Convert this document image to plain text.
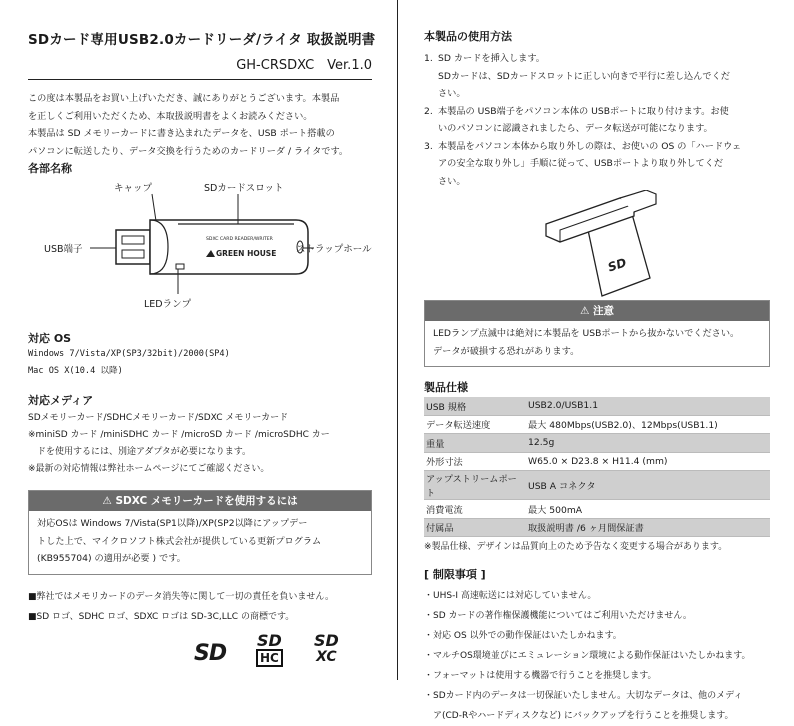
SDカード専用USB2.0カードリーダ/ライタ 取扱説明書
GH-CRSDXC　Ver.1.0

この度は本製品をお買い上げいただき、誠にありがとうございます。本製品

を正しくご利用いただくため、本取扱説明書をよくお読みください。

本製品は SD メモリーカードに書き込まれたデータを、USB ポート搭載の

パソコンに転送したり、データ交換を行うためのカードリーダ / ライタです。

各部名称
SDXC CARD READER/WRITER
GREEN HOUSE
キャップ	SDカードスロット
USB端子	ストラップホール
LEDランプ
対応 OS

Windows 7/Vista/XP(SP3/32bit)/2000(SP4)

Mac OS X(10.4 以降)

対応メディア

SDメモリーカード/SDHCメモリーカード/SDXC メモリーカード

※miniSD カード /miniSDHC カード /microSD カード /microSDHC カー

　ドを使用するには、別途アダプタが必要になります。

※最新の対応情報は弊社ホームページにてご確認ください。

⚠ SDXC メモリーカードを使用するには

対応OSは Windows 7/Vista(SP1以降)/XP(SP2以降にアップデー

トした上で、マイクロソフト株式会社が提供している更新プログラム

(KB955704) の適用が必要 ) です。

■弊社ではメモリカードのデータ消失等に関して一切の責任を負いません。

■SD ロゴ、SDHC ロゴ、SDXC ロゴは SD-3C,LLC の商標です。

SD
SD
HC
SD
XC
本製品の使用方法
1. SD カードを挿入します。
SDカードは、SDカードスロットに正しい向きで平行に差し込んでくだ
さい。
2. 本製品の USB端子をパソコン本体の USBポートに取り付けます。お使
いのパソコンに認識されましたら、データ転送が可能になります。
3. 本製品をパソコン本体から取り外しの際は、お使いの OS の「ハードウェ
アの安全な取り外し」手順に従って、USBポートより取り外してくだ
さい。
SD
⚠ 注意

LEDランプ点滅中は絶対に本製品を USBポートから抜かないでください。

データが破損する恐れがあります。

製品仕様
USB 規格	USB2.0/USB1.1
データ転送速度	最大 480Mbps(USB2.0)、12Mbps(USB1.1)
重量	12.5g
外形寸法	W65.0 × D23.8 × H11.4 (mm)
アップストリームポート	USB A コネクタ
消費電流	最大 500mA
付属品	取扱説明書 /6 ヶ月間保証書
※製品仕様、デザインは品質向上のため予告なく変更する場合があります。
[ 制限事項 ]

・UHS-I 高速転送には対応していません。

・SD カードの著作権保護機能についてはご利用いただけません。

・対応 OS 以外での動作保証はいたしかねます。

・マルチOS環境並びにエミュレーション環境による動作保証はいたしかねます。

・フォーマットは使用する機器で行うことを推奨します。

・SDカード内のデータは一切保証いたしません。大切なデータは、他のメディ

　ア(CD-Rやハードディスクなど) にバックアップを行うことを推奨します。
